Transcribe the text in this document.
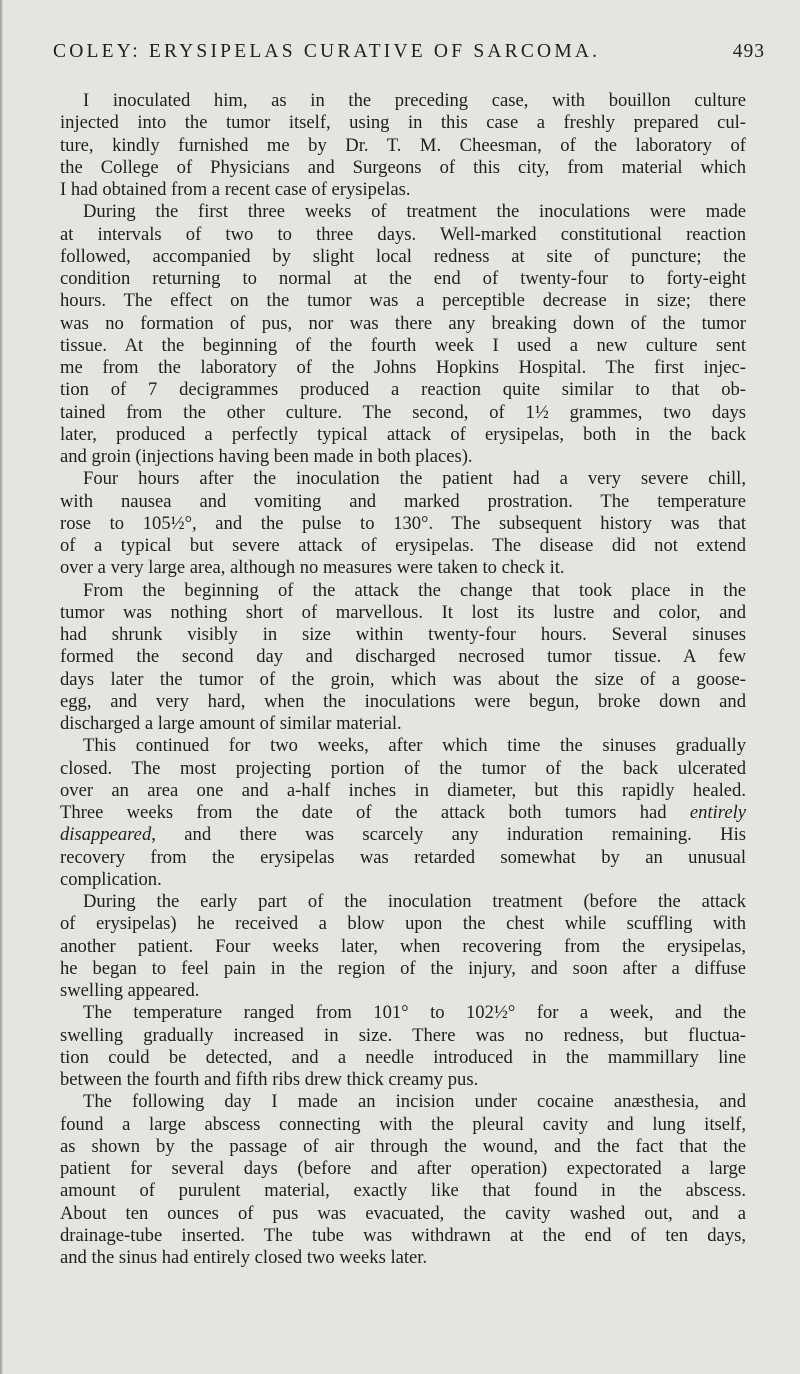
COLEY: ERYSIPELAS CURATIVE OF SARCOMA.	493
I inoculated him, as in the preceding case, with bouillon culture
injected into the tumor itself, using in this case a freshly prepared cul-
ture, kindly furnished me by Dr. T. M. Cheesman, of the laboratory of
the College of Physicians and Surgeons of this city, from material which
I had obtained from a recent case of erysipelas.
During the first three weeks of treatment the inoculations were made
at intervals of two to three days. Well-marked constitutional reaction
followed, accompanied by slight local redness at site of puncture; the
condition returning to normal at the end of twenty-four to forty-eight
hours. The effect on the tumor was a perceptible decrease in size; there
was no formation of pus, nor was there any breaking down of the tumor
tissue. At the beginning of the fourth week I used a new culture sent
me from the laboratory of the Johns Hopkins Hospital. The first injec-
tion of 7 decigrammes produced a reaction quite similar to that ob-
tained from the other culture. The second, of 1½ grammes, two days
later, produced a perfectly typical attack of erysipelas, both in the back
and groin (injections having been made in both places).
Four hours after the inoculation the patient had a very severe chill,
with nausea and vomiting and marked prostration. The temperature
rose to 105½°, and the pulse to 130°. The subsequent history was that
of a typical but severe attack of erysipelas. The disease did not extend
over a very large area, although no measures were taken to check it.
From the beginning of the attack the change that took place in the
tumor was nothing short of marvellous. It lost its lustre and color, and
had shrunk visibly in size within twenty-four hours. Several sinuses
formed the second day and discharged necrosed tumor tissue. A few
days later the tumor of the groin, which was about the size of a goose-
egg, and very hard, when the inoculations were begun, broke down and
discharged a large amount of similar material.
This continued for two weeks, after which time the sinuses gradually
closed. The most projecting portion of the tumor of the back ulcerated
over an area one and a-half inches in diameter, but this rapidly healed.
Three weeks from the date of the attack both tumors had entirely
disappeared, and there was scarcely any induration remaining. His
recovery from the erysipelas was retarded somewhat by an unusual
complication.
During the early part of the inoculation treatment (before the attack
of erysipelas) he received a blow upon the chest while scuffling with
another patient. Four weeks later, when recovering from the erysipelas,
he began to feel pain in the region of the injury, and soon after a diffuse
swelling appeared.
The temperature ranged from 101° to 102½° for a week, and the
swelling gradually increased in size. There was no redness, but fluctua-
tion could be detected, and a needle introduced in the mammillary line
between the fourth and fifth ribs drew thick creamy pus.
The following day I made an incision under cocaine anæsthesia, and
found a large abscess connecting with the pleural cavity and lung itself,
as shown by the passage of air through the wound, and the fact that the
patient for several days (before and after operation) expectorated a large
amount of purulent material, exactly like that found in the abscess.
About ten ounces of pus was evacuated, the cavity washed out, and a
drainage-tube inserted. The tube was withdrawn at the end of ten days,
and the sinus had entirely closed two weeks later.
